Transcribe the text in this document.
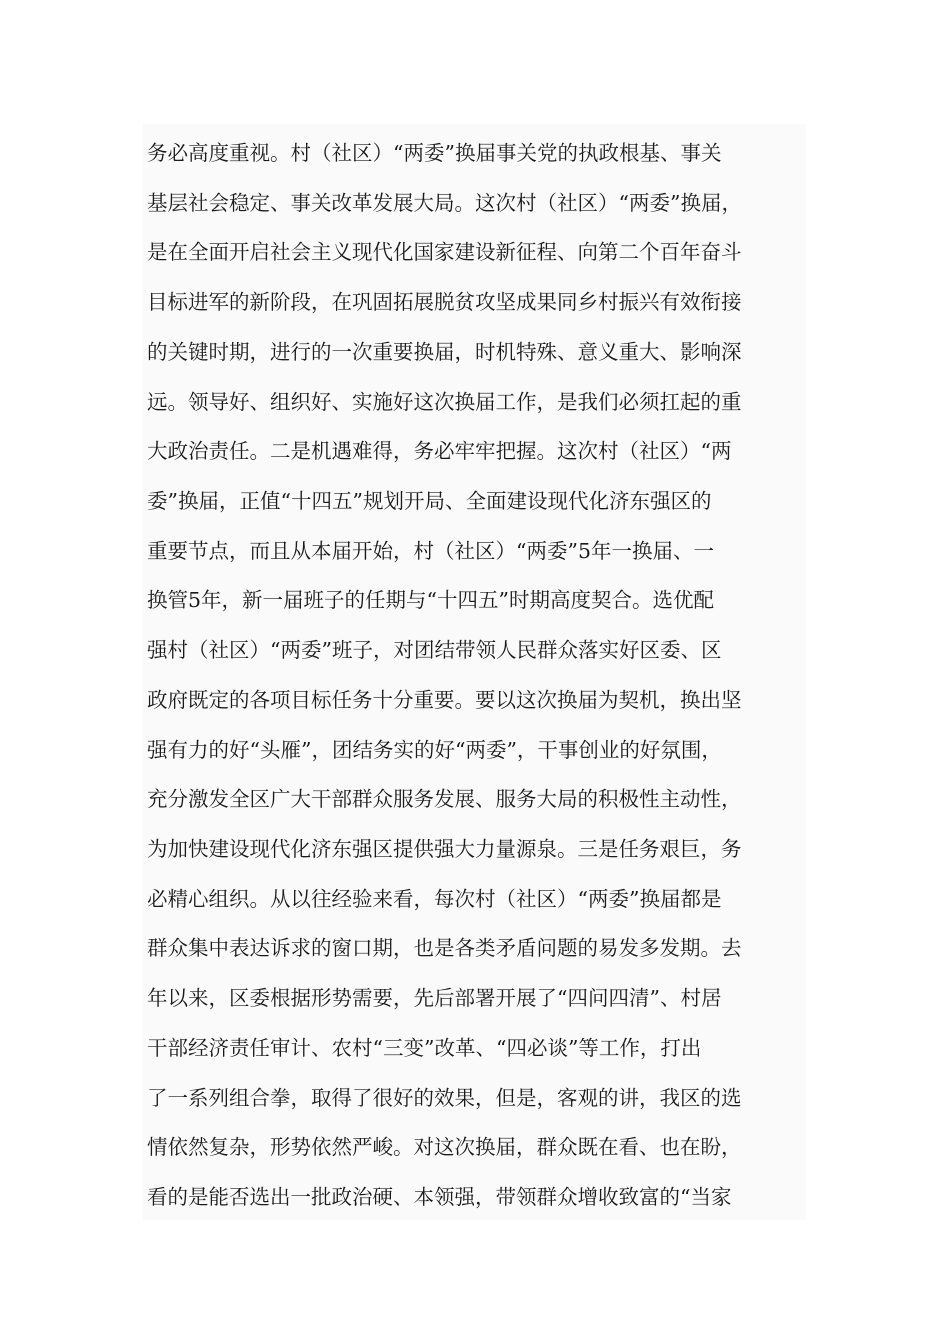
务必高度重视。村（社区）“两委”换届事关党的执政根基、事关
基层社会稳定、事关改革发展大局。这次村（社区）“两委”换届，
是在全面开启社会主义现代化国家建设新征程、向第二个百年奋斗
目标进军的新阶段，在巩固拓展脱贫攻坚成果同乡村振兴有效衔接
的关键时期，进行的一次重要换届，时机特殊、意义重大、影响深
远。领导好、组织好、实施好这次换届工作，是我们必须扛起的重
大政治责任。二是机遇难得，务必牢牢把握。这次村（社区）“两
委”换届，正值“十四五”规划开局、全面建设现代化济东强区的
重要节点，而且从本届开始，村（社区）“两委”5年一换届、一
换管5年，新一届班子的任期与“十四五”时期高度契合。选优配
强村（社区）“两委”班子，对团结带领人民群众落实好区委、区
政府既定的各项目标任务十分重要。要以这次换届为契机，换出坚
强有力的好“头雁”，团结务实的好“两委”，干事创业的好氛围，
充分激发全区广大干部群众服务发展、服务大局的积极性主动性，
为加快建设现代化济东强区提供强大力量源泉。三是任务艰巨，务
必精心组织。从以往经验来看，每次村（社区）“两委”换届都是
群众集中表达诉求的窗口期，也是各类矛盾问题的易发多发期。去
年以来，区委根据形势需要，先后部署开展了“四问四清”、村居
干部经济责任审计、农村“三变”改革、“四必谈”等工作，打出
了一系列组合拳，取得了很好的效果，但是，客观的讲，我区的选
情依然复杂，形势依然严峻。对这次换届，群众既在看、也在盼，
看的是能否选出一批政治硬、本领强，带领群众增收致富的“当家
